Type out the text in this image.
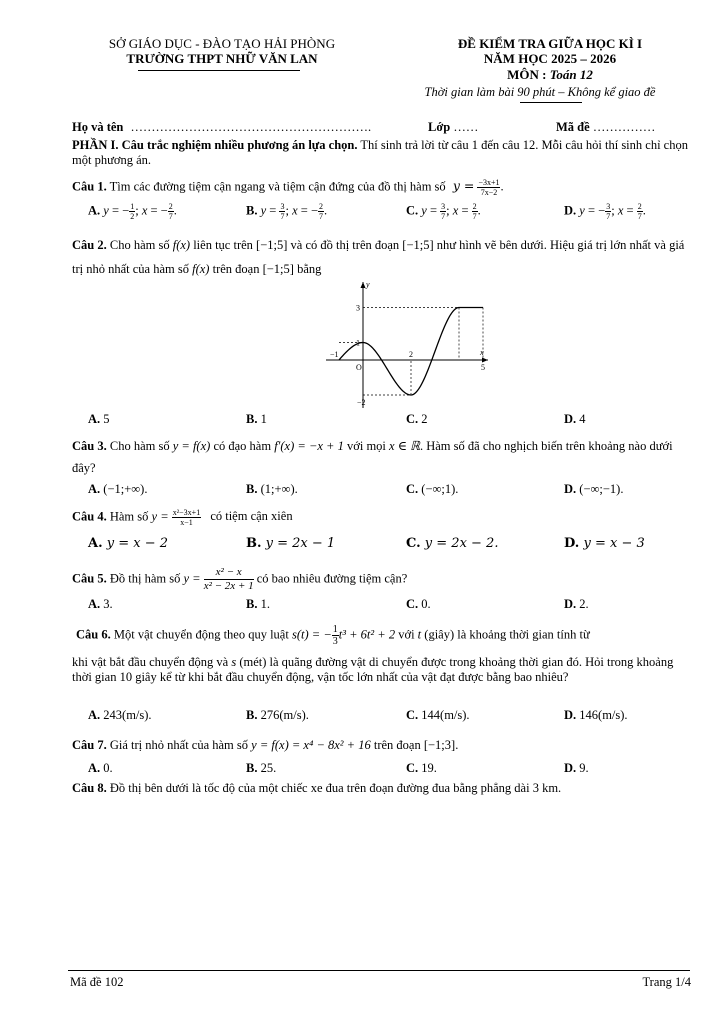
SỞ GIÁO DỤC - ĐÀO TẠO HẢI PHÒNG
TRƯỜNG THPT NHỮ VĂN LAN
ĐỀ KIỂM TRA GIỮA HỌC KÌ I
NĂM HỌC 2025 – 2026
MÔN : Toán 12
Thời gian làm bài 90 phút – Không kể giao đề
Họ và tên ………………………………………………….	Lớp ……	Mã đề ……………
PHẦN I. Câu trắc nghiệm nhiều phương án lựa chọn. Thí sinh trả lời từ câu 1 đến câu 12. Mỗi câu hỏi thí sinh chỉ chọn một phương án.
Câu 1. Tìm các đường tiệm cận ngang và tiệm cận đứng của đồ thị hàm số $y = \frac{-3x+1}{7x-2}$ .
A. y = − $\frac{1}{2}$ ; x = − $\frac{2}{7}$ .	B. $y = \frac{3}{7}$ ; x = − $\frac{2}{7}$ .	C. $y = \frac{3}{7}$ ; $x = \frac{2}{7}$ .	D. y = − $\frac{3}{7}$ ; $x = \frac{2}{7}$ .
Câu 2. Cho hàm số f(x) liên tục trên [−1;5] và có đồ thị trên đoạn [−1;5] như hình vẽ bên dưới. Hiệu giá trị lớn nhất và giá trị nhỏ nhất của hàm số f(x) trên đoạn [−1;5] bằng
x
y
O
−1	2
5
3
1
−2
A. 5	B. 1	C. 2	D. 4
Câu 3. Cho hàm số y = f(x) có đạo hàm f′(x) = −x + 1 với mọi x ∈ ℝ. Hàm số đã cho nghịch biến trên khoảng nào dưới đây?
A. (−1;+∞).	B. (1;+∞).	C. (−∞;1).	D. (−∞;−1).
Câu 4. Hàm số $y = \frac{\text{x²−3x+1}}{x-1}$ có tiệm cận xiên
A. y = x − 2	B. y = 2x − 1	C. y = 2x − 2.	D. y = x − 3
Câu 5. Đồ thị hàm số $y = \frac{\text{x² − x}}{\text{x² − 2x + 1}}$ có bao nhiêu đường tiệm cận?
A. 3.	B. 1.	C. 0.	D. 2.
Câu 6. Một vật chuyển động theo quy luật s(t) = − $\frac{1}{3} t^3 + 6t^2 + 2$ với t (giây) là khoảng thời gian tính từ
khi vật bắt đầu chuyển động và s (mét) là quãng đường vật di chuyển được trong khoảng thời gian đó. Hỏi trong khoảng thời gian 10 giây kể từ khi bắt đầu chuyển động, vận tốc lớn nhất của vật đạt được bằng bao nhiêu?
A. 243(m/s).	B. 276(m/s).	C. 144(m/s).	D. 146(m/s).
Câu 7. Giá trị nhỏ nhất của hàm số y = f(x) = x⁴ − 8x² + 16 trên đoạn [−1;3].
A. 0.	B. 25.	C. 19.	D. 9.
Câu 8. Đồ thị bên dưới là tốc độ của một chiếc xe đua trên đoạn đường đua bằng phẳng dài 3 km.
Mã đề 102	Trang 1/4
